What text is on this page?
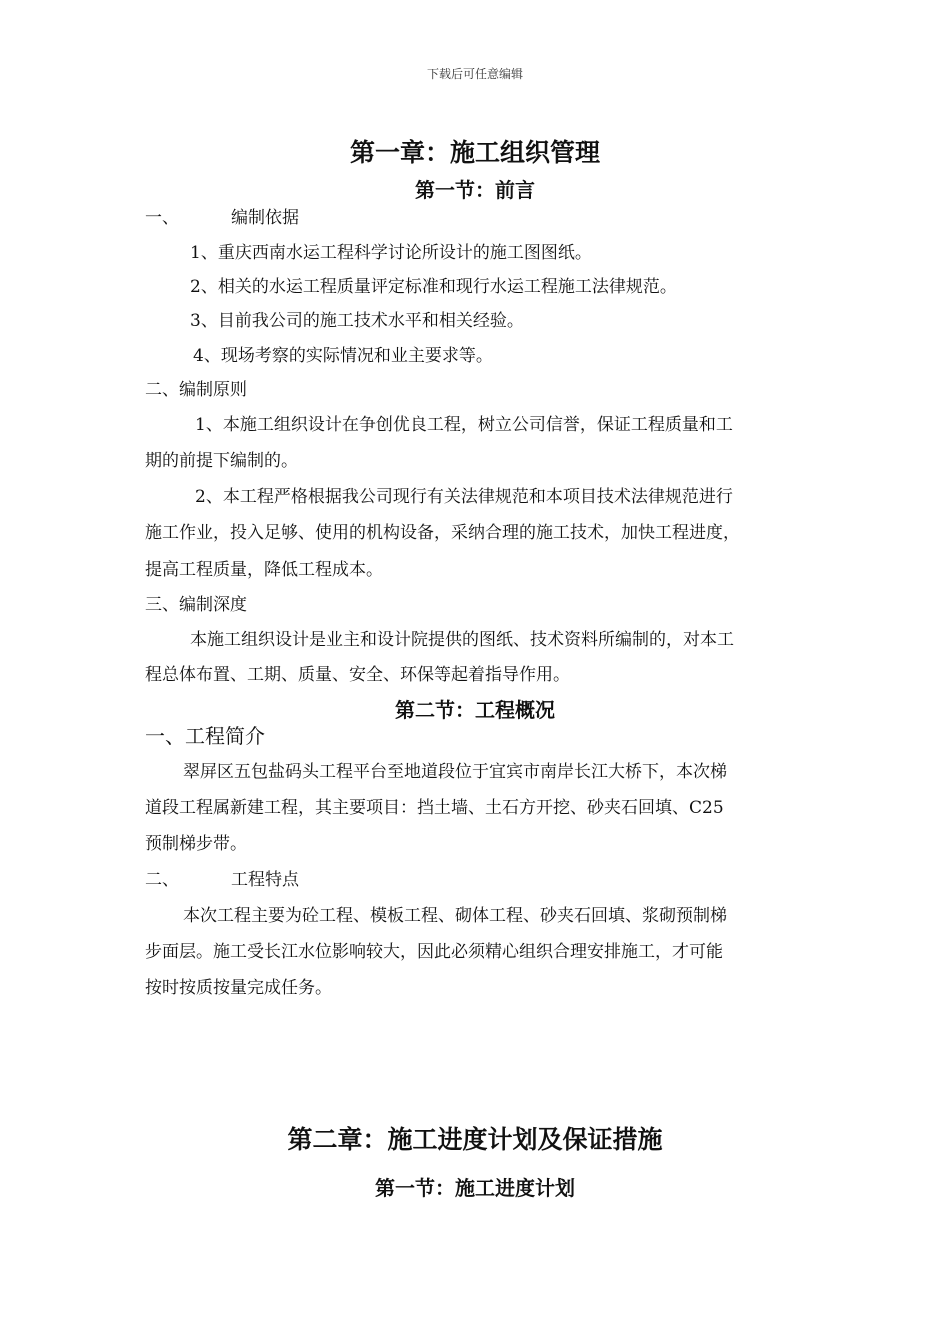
下载后可任意编辑
第一章：施工组织管理
第一节：前言
一、	编制依据
1、重庆西南水运工程科学讨论所设计的施工图图纸。
2、相关的水运工程质量评定标准和现行水运工程施工法律规范。
3、目前我公司的施工技术水平和相关经验。
4、现场考察的实际情况和业主要求等。
二、编制原则
1、本施工组织设计在争创优良工程，树立公司信誉，保证工程质量和工
期的前提下编制的。
2、本工程严格根据我公司现行有关法律规范和本项目技术法律规范进行
施工作业，投入足够、使用的机构设备，采纳合理的施工技术，加快工程进度，
提高工程质量，降低工程成本。
三、编制深度
本施工组织设计是业主和设计院提供的图纸、技术资料所编制的，对本工
程总体布置、工期、质量、安全、环保等起着指导作用。
第二节：工程概况
一、工程简介
翠屏区五包盐码头工程平台至地道段位于宜宾市南岸长江大桥下，本次梯
道段工程属新建工程，其主要项目：挡土墙、土石方开挖、砂夹石回填、C25
预制梯步带。
二、	工程特点
本次工程主要为砼工程、模板工程、砌体工程、砂夹石回填、浆砌预制梯
步面层。施工受长江水位影响较大，因此必须精心组织合理安排施工，才可能
按时按质按量完成任务。
第二章：施工进度计划及保证措施
第一节：施工进度计划
